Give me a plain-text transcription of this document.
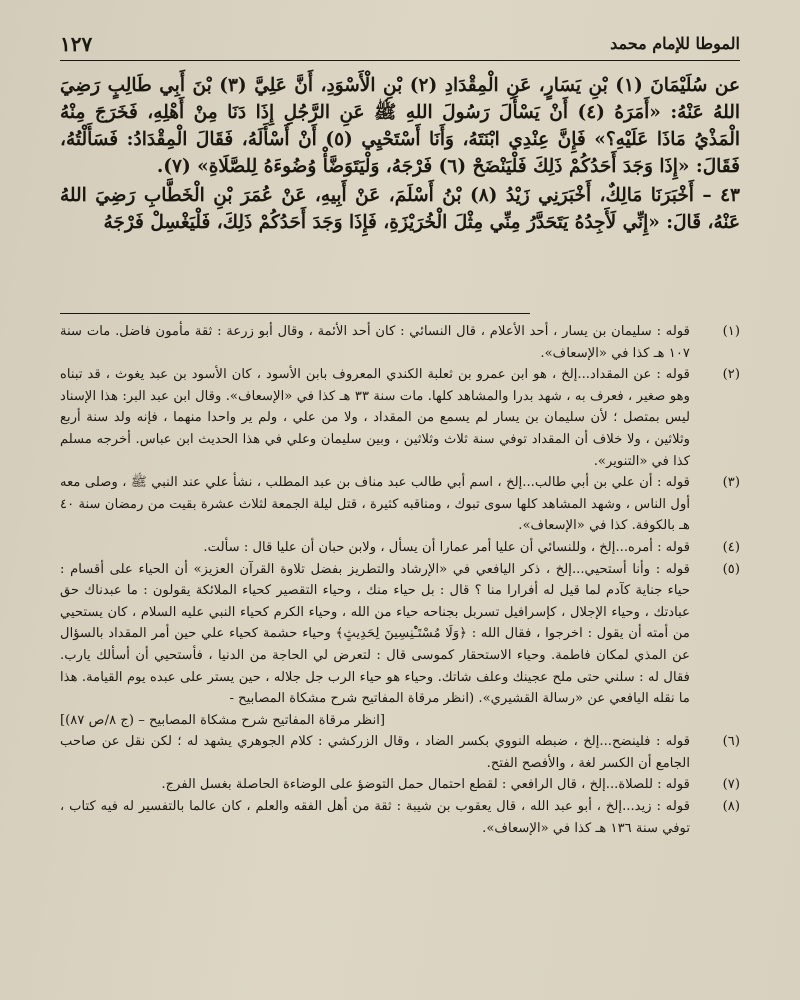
الموطا للإمام محمد
١٢٧

عن سُلَيْمَانَ (١) بْنِ يَسَارٍ، عَنِ الْمِقْدَادِ (٢) بْنِ الْأَسْوَدِ، أَنَّ عَلِيَّ (٣) بْنَ أَبِي طَالِبٍ رَضِيَ اللهُ عَنْهُ: «أَمَرَهُ (٤) أَنْ يَسْأَلَ رَسُولَ اللهِ ﷺ عَنِ الرَّجُلِ إِذَا دَنَا مِنْ أَهْلِهِ، فَخَرَجَ مِنْهُ الْمَذْيُ مَاذَا عَلَيْهِ؟» فَإِنَّ عِنْدِي ابْنَتَهُ، وَأَنَا أَسْتَحْيِي (٥) أَنْ أَسْأَلَهُ، فَقَالَ الْمِقْدَادُ: فَسَأَلْتُهُ، فَقَالَ: «إِذَا وَجَدَ أَحَدُكُمْ ذَلِكَ فَلْيَنْضَحْ (٦) فَرْجَهُ، وَلْيَتَوَضَّأْ وُضُوءَهُ لِلصَّلَاةِ» (٧).

٤٣ – أَخْبَرَنَا مَالِكٌ، أَخْبَرَنِي زَيْدُ (٨) بْنُ أَسْلَمَ، عَنْ أَبِيهِ، عَنْ عُمَرَ بْنِ الْخَطَّابِ رَضِيَ اللهُ عَنْهُ، قَالَ: «إِنِّي لَأَجِدُهُ يَتَحَدَّرُ مِنِّي مِثْلَ الْخُرَيْزَةِ، فَإِذَا وَجَدَ أَحَدُكُمْ ذَلِكَ، فَلْيَغْسِلْ فَرْجَهُ

(١)
قوله : سليمان بن يسار ، أحد الأعلام ، قال النسائي : كان أحد الأئمة ، وقال أبو زرعة : ثقة مأمون فاضل. مات سنة ١٠٧ هـ كذا في «الإسعاف».
(٢)
قوله : عن المقداد...إلخ ، هو ابن عمرو بن ثعلبة الكندي المعروف بابن الأسود ، كان الأسود بن عبد يغوث ، قد تبناه وهو صغير ، فعرف به ، شهد بدرا والمشاهد كلها. مات سنة ٣٣ هـ كذا في «الإسعاف». وقال ابن عبد البر: هذا الإسناد ليس بمتصل ؛ لأن سليمان بن يسار لم يسمع من المقداد ، ولا من علي ، ولم ير واحدا منهما ، فإنه ولد سنة أربع وثلاثين ، ولا خلاف أن المقداد توفي سنة ثلاث وثلاثين ، وبين سليمان وعلي في هذا الحديث ابن عباس. أخرجه مسلم كذا في «التنوير».
(٣)
قوله : أن علي بن أبي طالب...إلخ ، اسم أبي طالب عبد مناف بن عبد المطلب ، نشأ علي عند النبي ﷺ ، وصلى معه أول الناس ، وشهد المشاهد كلها سوى تبوك ، ومناقبه كثيرة ، قتل ليلة الجمعة لثلاث عشرة بقيت من رمضان سنة ٤٠ هـ بالكوفة. كذا في «الإسعاف».
(٤)
قوله : أمره...إلخ ، وللنسائي أن عليا أمر عمارا أن يسأل ، ولابن حبان أن عليا قال : سألت.
(٥)
قوله : وأنا أستحيي...إلخ ، ذكر اليافعي في «الإرشاد والتطريز بفضل تلاوة القرآن العزيز» أن الحياء على أقسام : حياء جناية كآدم لما قيل له أفرارا منا ؟ قال : بل حياء منك ، وحياء التقصير كحياء الملائكة يقولون : ما عبدناك حق عبادتك ، وحياء الإجلال ، كإسرافيل تسربل بجناحه حياء من الله ، وحياء الكرم كحياء النبي عليه السلام ، كان يستحيي من أمته أن يقول : اخرجوا ، فقال الله : ﴿وَلَا مُسْتَـْٔنِسِينَ لِحَدِيثٍ﴾ وحياء حشمة كحياء علي حين أمر المقداد بالسؤال عن المذي لمكان فاطمة. وحياء الاستحقار كموسى قال : لتعرض لي الحاجة من الدنيا ، فأستحيي أن أسألك يارب. فقال له : سلني حتى ملح عجينك وعلف شاتك. وحياء هو حياء الرب جل جلاله ، حين يستر على عبده يوم القيامة. هذا ما نقله اليافعي عن «رسالة القشيري». (انظر مرقاة المفاتيح شرح مشكاة المصابيح -
[انظر مرقاة المفاتيح شرح مشكاة المصابيح – (ج ٨/ص ٨٧)]
(٦)
قوله : فلينضح...إلخ ، ضبطه النووي بكسر الضاد ، وقال الزركشي : كلام الجوهري يشهد له ؛ لكن نقل عن صاحب الجامع أن الكسر لغة ، والأفصح الفتح.
(٧)
قوله : للصلاة...إلخ ، قال الرافعي : لقطع احتمال حمل التوضؤ على الوضاءة الحاصلة بغسل الفرج.
(٨)
قوله : زيد...إلخ ، أبو عبد الله ، قال يعقوب بن شيبة : ثقة من أهل الفقه والعلم ، كان عالما بالتفسير له فيه كتاب ، توفي سنة ١٣٦ هـ كذا في «الإسعاف».
